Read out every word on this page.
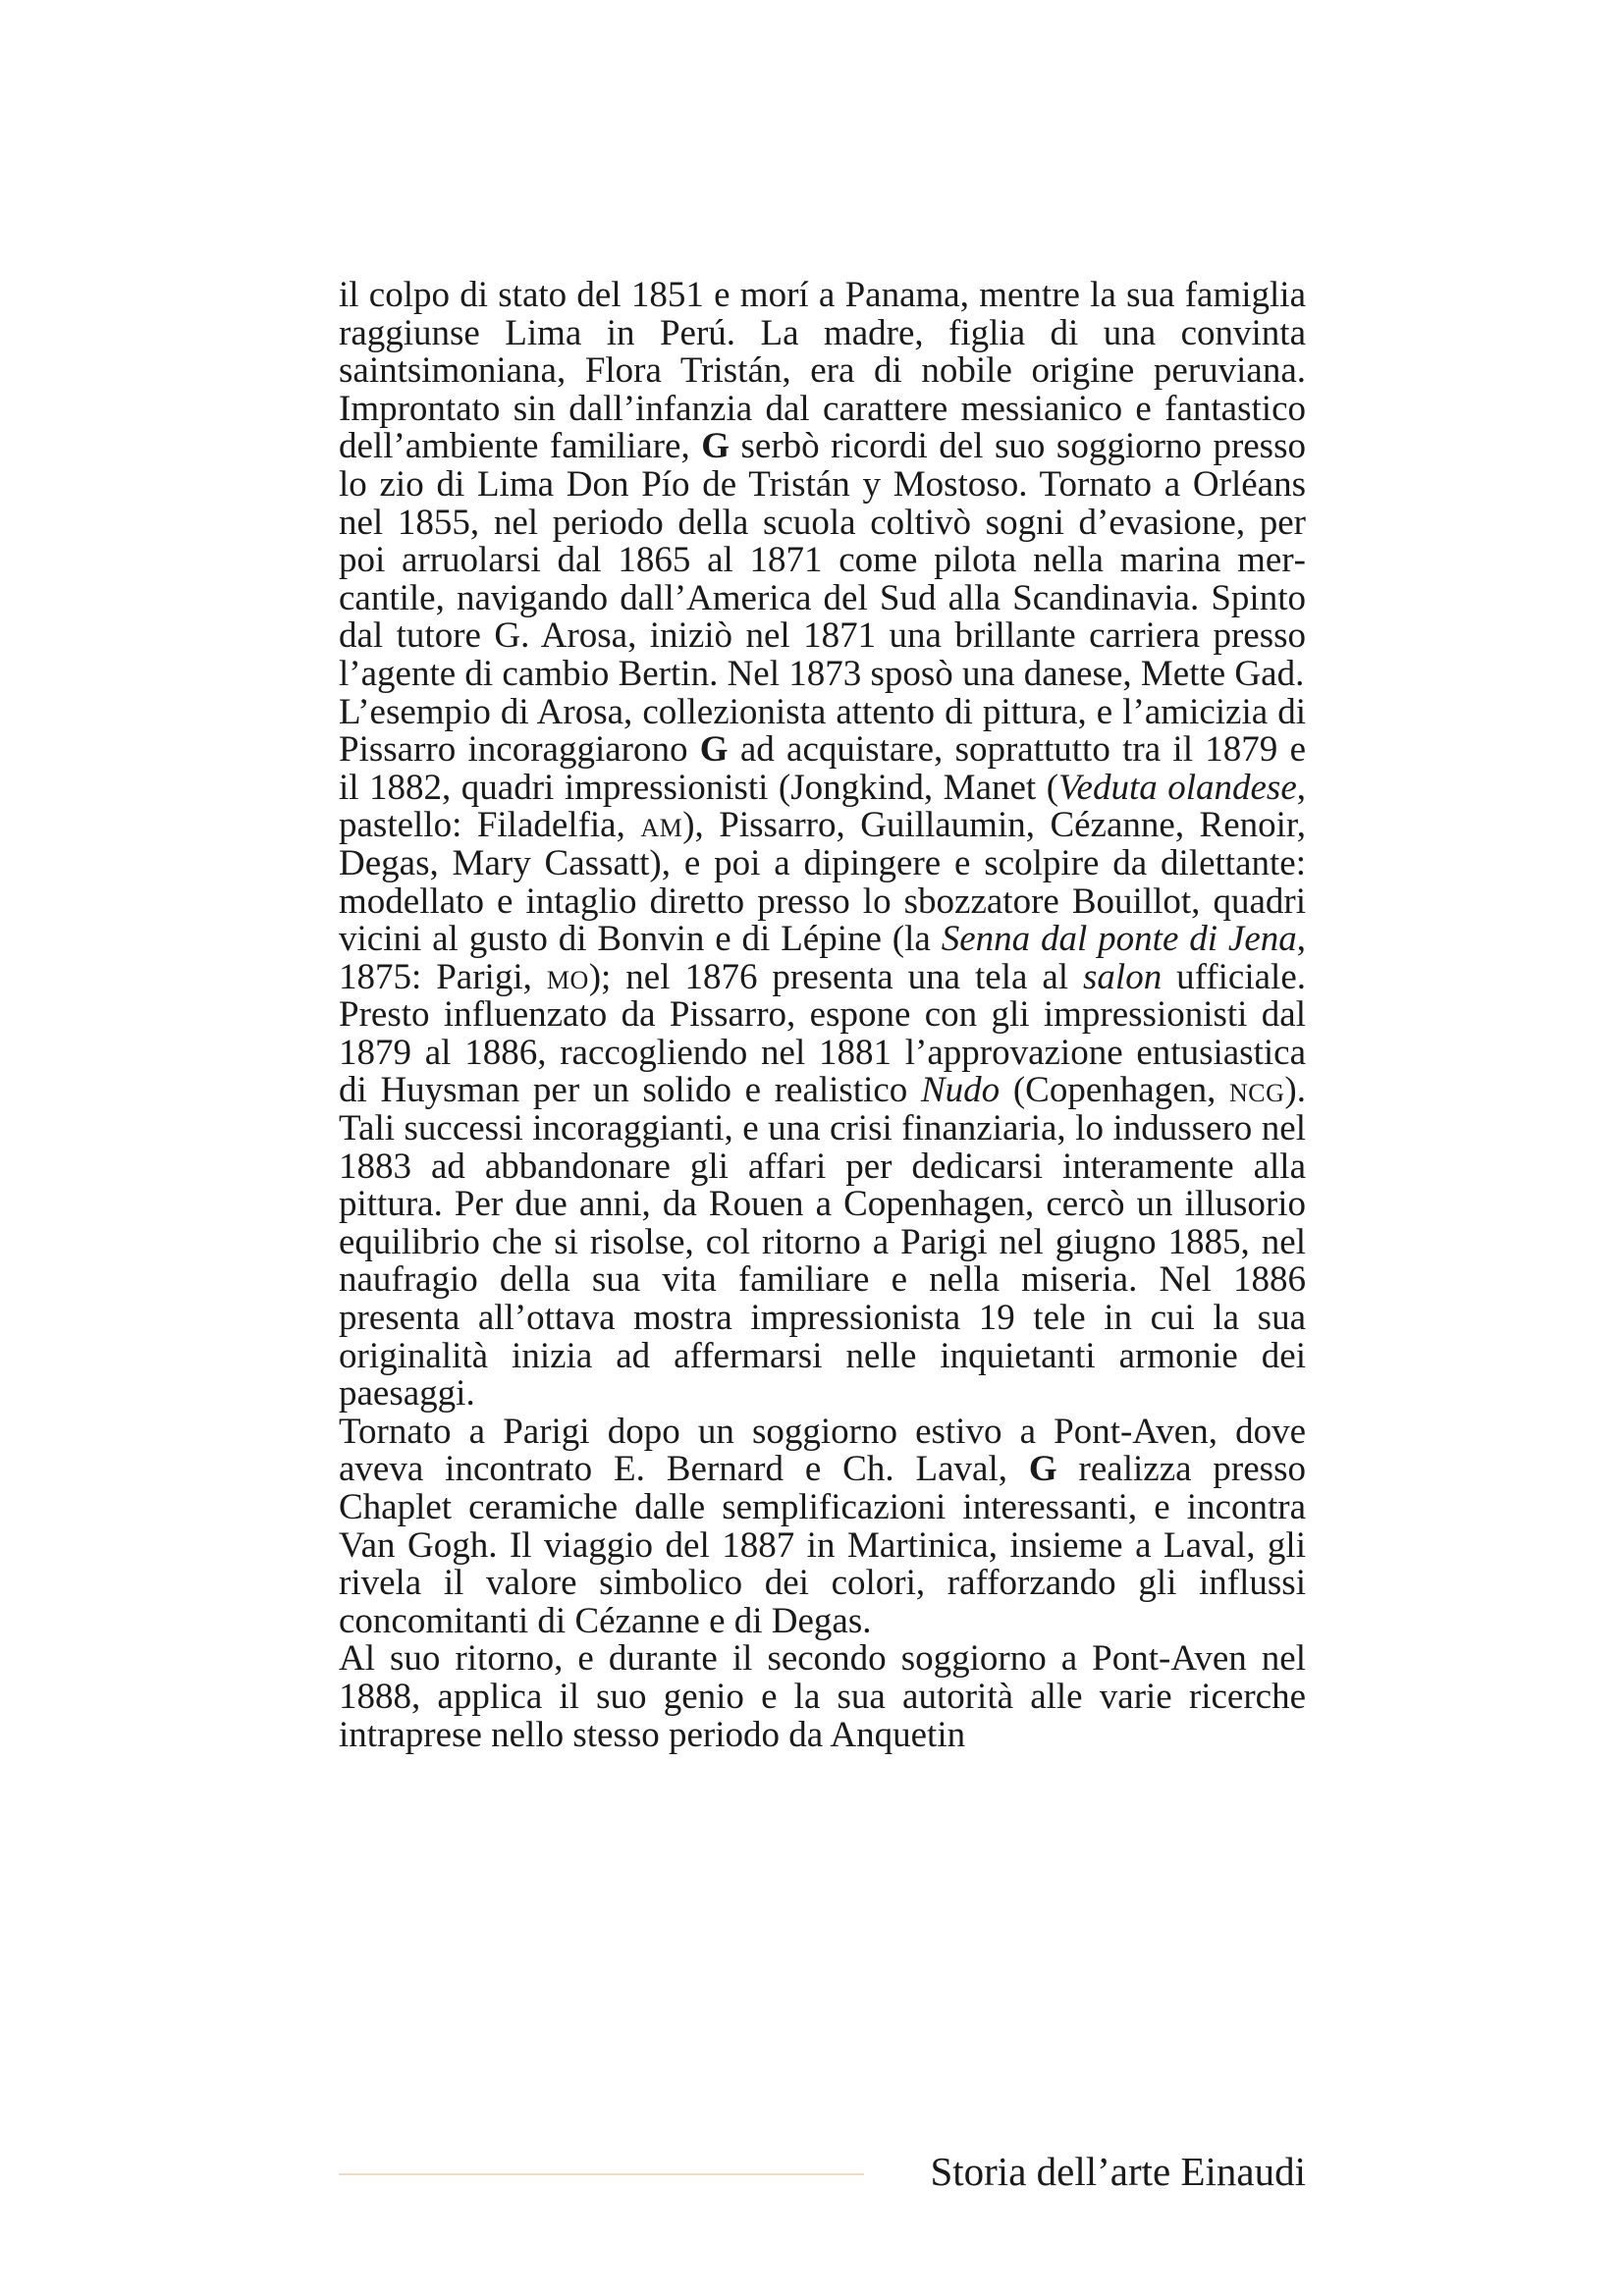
il colpo di stato del 1851 e morí a Panama, mentre la sua famiglia raggiunse Lima in Perú. La madre, figlia di una convinta saintsimoniana, Flora Tristán, era di nobile origine peruviana. Improntato sin dall’infanzia dal carattere messianico e fantastico dell’ambiente familiare, G serbò ricordi del suo soggiorno presso lo zio di Lima Don Pío de Tristán y Mostoso. Tornato a Orléans nel 1855, nel periodo della scuola coltivò sogni d’evasione, per poi arruolarsi dal 1865 al 1871 come pilota nella marina mercantile, navigando dall’America del Sud alla Scandinavia. Spinto dal tutore G. Arosa, iniziò nel 1871 una brillante carriera presso l’agente di cambio Bertin. Nel 1873 sposò una danese, Mette Gad.

L’esempio di Arosa, collezionista attento di pittura, e l’amicizia di Pissarro incoraggiarono G ad acquistare, soprattutto tra il 1879 e il 1882, quadri impressionisti (Jongkind, Manet (Veduta olandese, pastello: Filadelfia, am), Pissarro, Guillaumin, Cézanne, Renoir, Degas, Mary Cassatt), e poi a dipingere e scolpire da dilettante: modellato e intaglio diretto presso lo sbozzatore Bouillot, quadri vicini al gusto di Bonvin e di Lépine (la Senna dal ponte di Jena, 1875: Parigi, mo); nel 1876 presenta una tela al salon ufficiale. Presto influenzato da Pissarro, espone con gli impressionisti dal 1879 al 1886, raccogliendo nel 1881 l’approvazione entusiastica di Huysman per un solido e realistico Nudo (Copenhagen, ncg). Tali successi incoraggianti, e una crisi finanziaria, lo indussero nel 1883 ad abbandonare gli affari per dedicarsi interamente alla pittura. Per due anni, da Rouen a Copenhagen, cercò un illusorio equilibrio che si risolse, col ritorno a Parigi nel giugno 1885, nel naufragio della sua vita familiare e nella miseria. Nel 1886 presenta all’ottava mostra impressionista 19 tele in cui la sua originalità inizia ad affermarsi nelle inquietanti armonie dei paesaggi.

Tornato a Parigi dopo un soggiorno estivo a Pont-Aven, dove aveva incontrato E. Bernard e Ch. Laval, G realizza presso Chaplet ceramiche dalle semplificazioni interessanti, e incontra Van Gogh. Il viaggio del 1887 in Martinica, insieme a Laval, gli rivela il valore simbolico dei colori, rafforzando gli influssi concomitanti di Cézanne e di Degas.

Al suo ritorno, e durante il secondo soggiorno a Pont-Aven nel 1888, applica il suo genio e la sua autorità alle varie ricerche intraprese nello stesso periodo da Anquetin

Storia dell’arte Einaudi
